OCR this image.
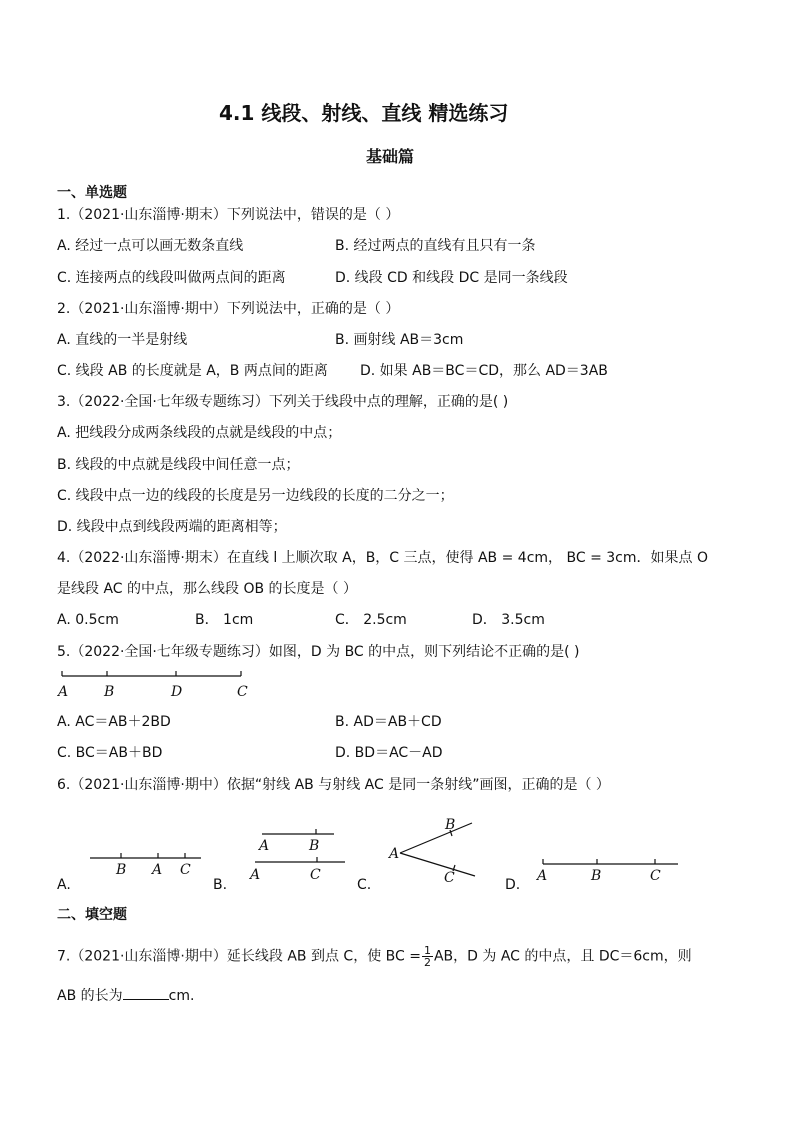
4.1 线段、射线、直线 精选练习
基础篇
一、单选题
1.（2021·山东淄博·期末）下列说法中，错误的是（ ）
A. 经过一点可以画无数条直线	B. 经过两点的直线有且只有一条
C. 连接两点的线段叫做两点间的距离	D. 线段 CD 和线段 DC 是同一条线段
2.（2021·山东淄博·期中）下列说法中，正确的是（ ）
A. 直线的一半是射线	B. 画射线 AB＝3cm
C. 线段 AB 的长度就是 A，B 两点间的距离 D. 如果 AB＝BC＝CD，那么 AD＝3AB
3.（2022·全国·七年级专题练习）下列关于线段中点的理解，正确的是( )
A. 把线段分成两条线段的点就是线段的中点；
B. 线段的中点就是线段中间任意一点；
C. 线段中点一边的线段的长度是另一边线段的长度的二分之一；
D. 线段中点到线段两端的距离相等；
4.（2022·山东淄博·期末）在直线 l 上顺次取 A，B，C 三点，使得 AB = 4cm， BC = 3cm．如果点 O
是线段 AC 的中点，那么线段 OB 的长度是（ ）
A. 0.5cm	B． 1cm	C． 2.5cm	D． 3.5cm
5.（2022·全国·七年级专题练习）如图，D 为 BC 的中点，则下列结论不正确的是( )
A	B	D	C
A. AC＝AB＋2BD	B. AD＝AB＋CD
C. BC＝AB＋BD	D. BD＝AC－AD
6.（2021·山东淄博·期中）依据“射线 AB 与射线 AC 是同一条射线”画图，正确的是（ ）
B A C
A.
A	B
A	C
B.
A
B
C
C.
A	B	C
D.
二、填空题
7.（2021·山东淄博·期中）延长线段 AB 到点 C，使 BC = $\frac{1}{2}$ AB，D 为 AC 的中点，且 DC＝6cm，则
AB 的长为	cm.
